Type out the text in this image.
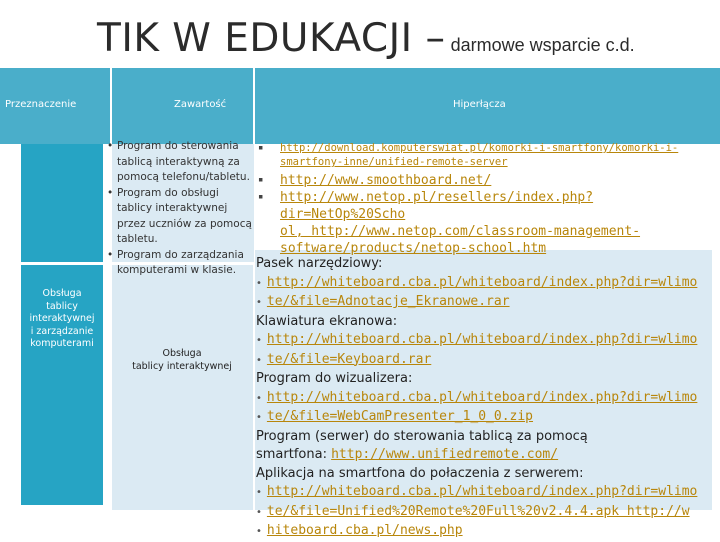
TIK W EDUKACJI – darmowe wsparcie c.d.
Przeznaczenie	Zawartość	Hiperłącza
Obsługa
tablicy
interaktywnej
i zarządzanie
komputerami
• Program do sterowania
tablicą interaktywną za
pomocą telefonu/tabletu.
• Program do obsługi
tablicy interaktywnej
przez uczniów za pomocą
tabletu.
• Program do zarządzania
komputerami w klasie.
Obsługa
tablicy interaktywnej
▪ http://download.komputerswiat.pl/komorki-i-smartfony/komorki-i-
smartfony-inne/unified-remote-server
▪ http://www.smoothboard.net/
▪ http://www.netop.pl/resellers/index.php?dir=NetOp%20Scho
ol, http://www.netop.com/classroom-management-
software/products/netop-school.htm
Pasek narzędziowy:
• http://whiteboard.cba.pl/whiteboard/index.php?dir=wlimo
• te/&file=Adnotacje_Ekranowe.rar
Klawiatura ekranowa:
• http://whiteboard.cba.pl/whiteboard/index.php?dir=wlimo
• te/&file=Keyboard.rar
Program do wizualizera:
• http://whiteboard.cba.pl/whiteboard/index.php?dir=wlimo
• te/&file=WebCamPresenter_1_0_0.zip
Program (serwer) do sterowania tablicą za pomocą
smartfona: http://www.unifiedremote.com/
Aplikacja na smartfona do połaczenia z serwerem:
• http://whiteboard.cba.pl/whiteboard/index.php?dir=wlimo
• te/&file=Unified%20Remote%20Full%20v2.4.4.apk http://w
• hiteboard.cba.pl/news.php
